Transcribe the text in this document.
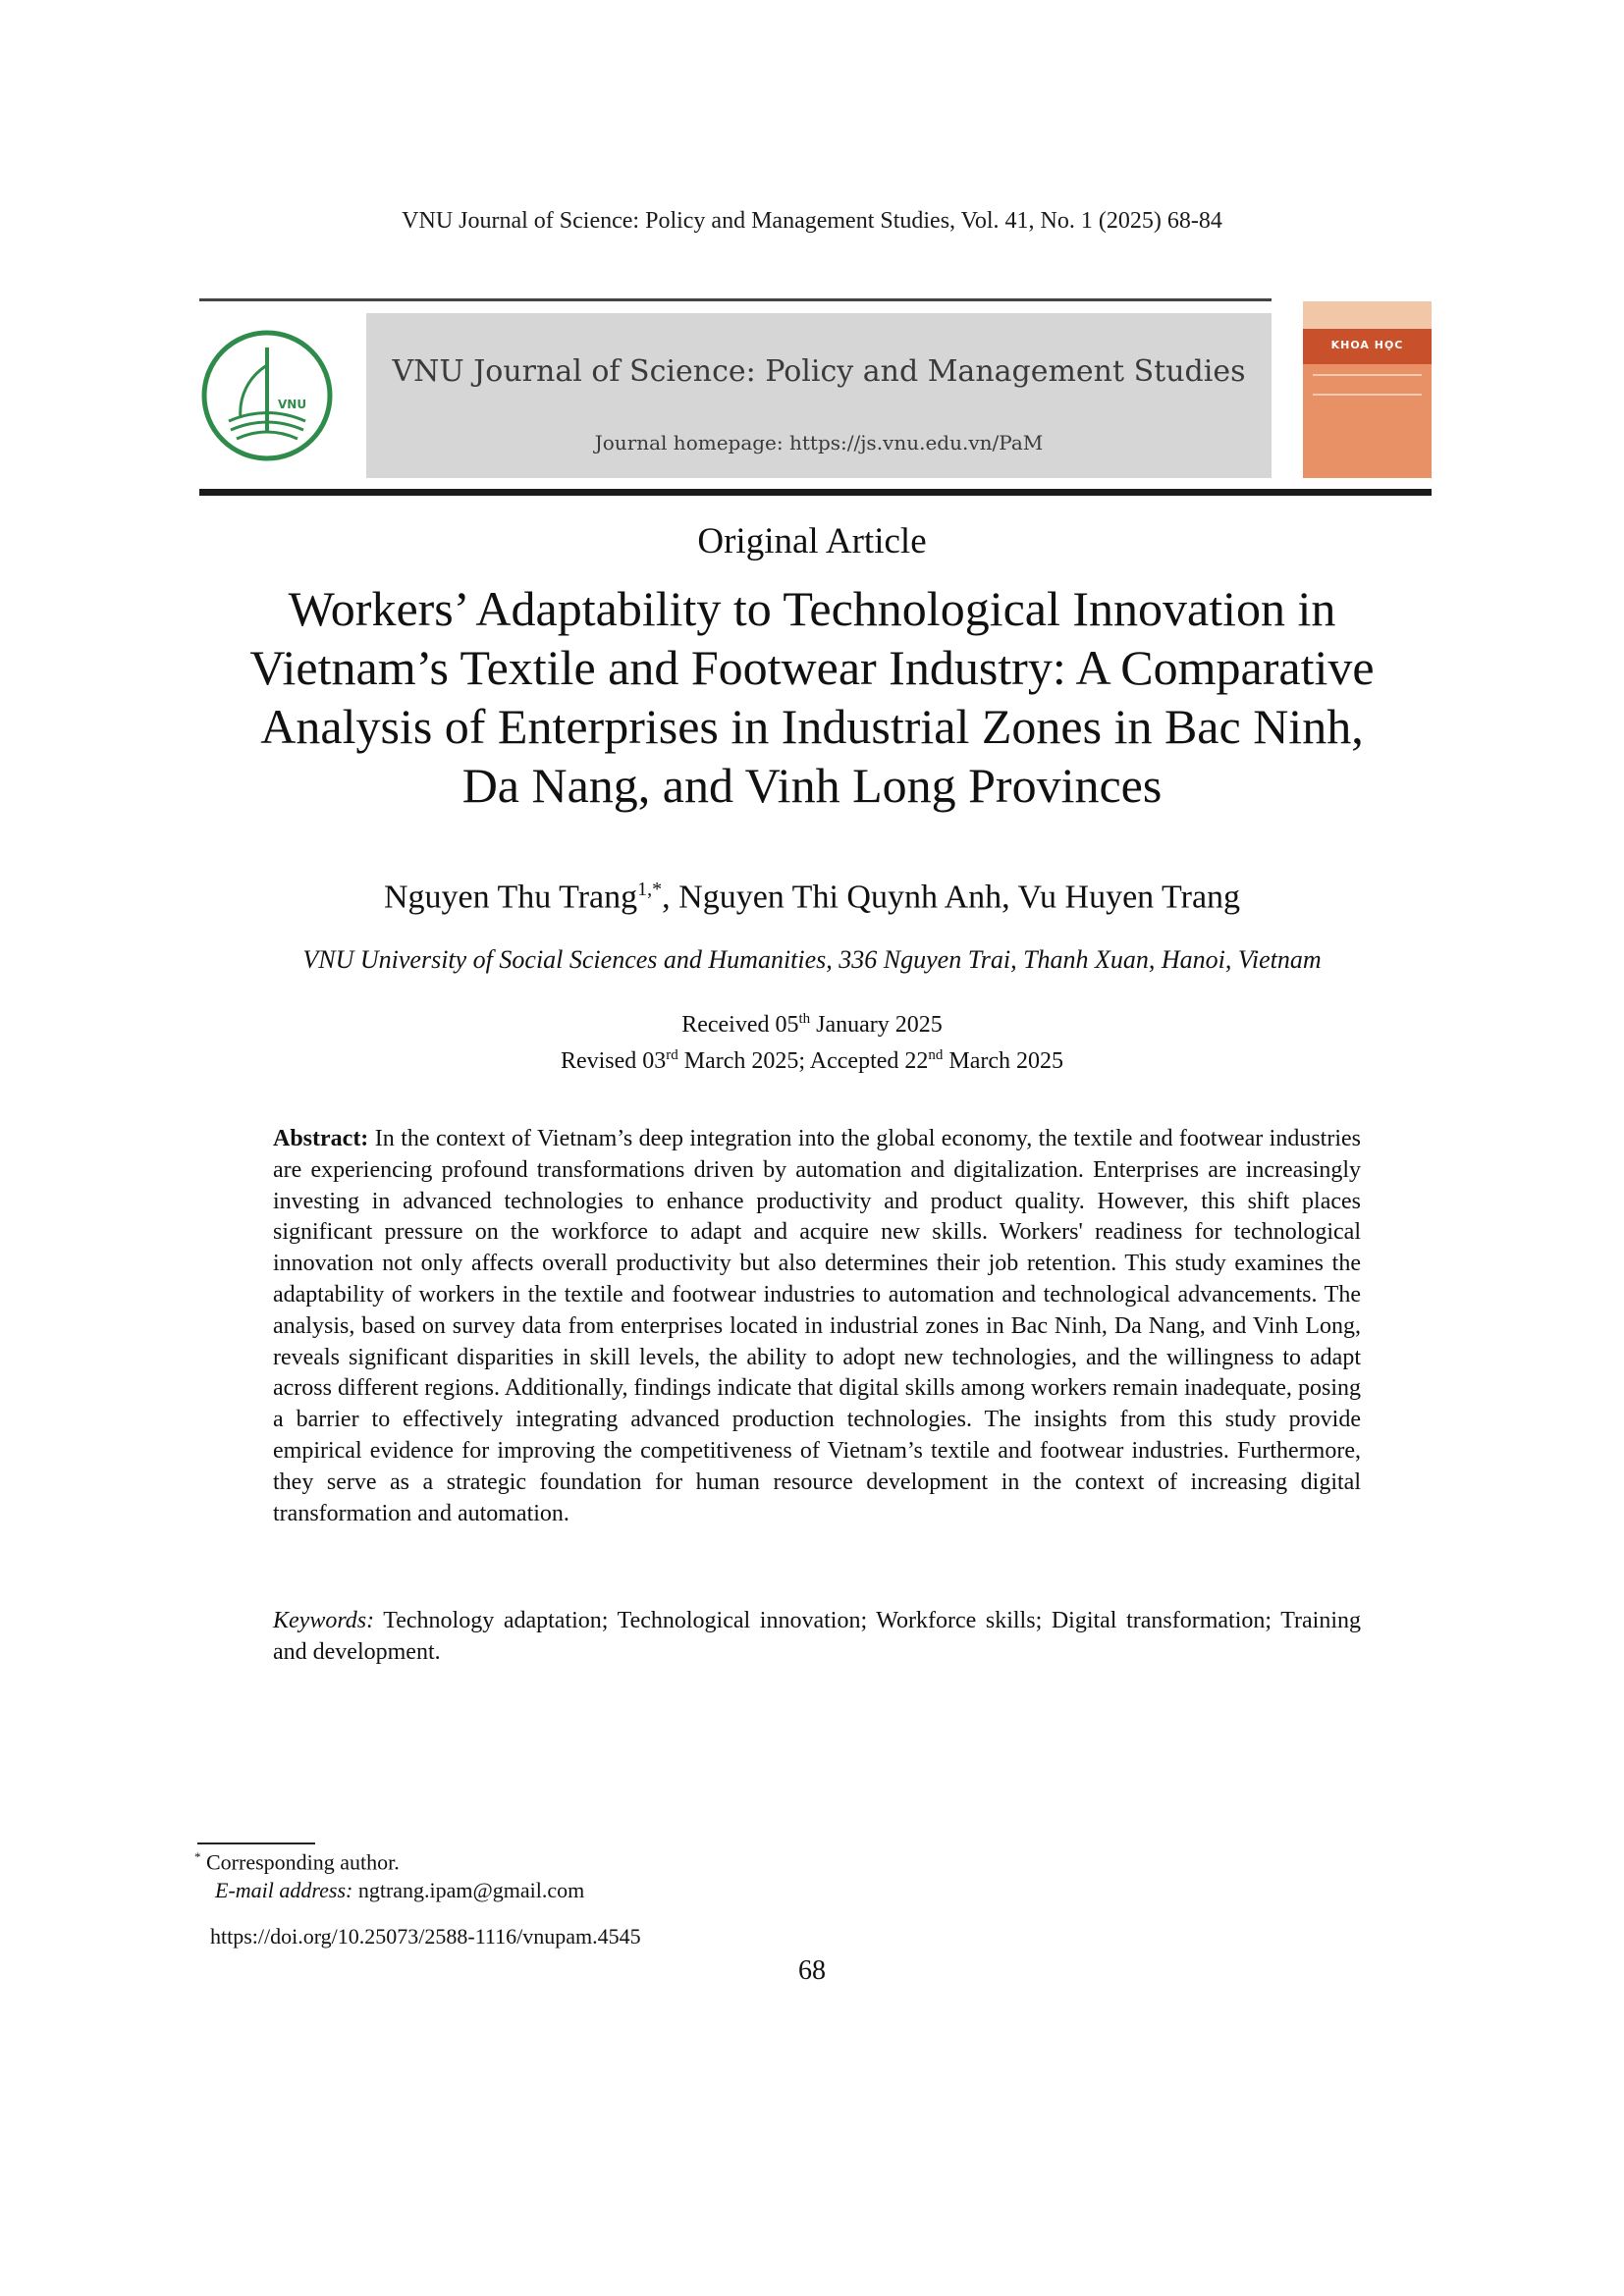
VNU Journal of Science: Policy and Management Studies, Vol. 41, No. 1 (2025) 68-84
VNU
VNU Journal of Science: Policy and Management Studies
Journal homepage: https://js.vnu.edu.vn/PaM
KHOA HỌC
Original Article
Workers’ Adaptability to Technological Innovation in
Vietnam’s Textile and Footwear Industry: A Comparative
Analysis of Enterprises in Industrial Zones in Bac Ninh,
Da Nang, and Vinh Long Provinces
Nguyen Thu Trang$^{1,*}$, Nguyen Thi Quynh Anh, Vu Huyen Trang
VNU University of Social Sciences and Humanities, 336 Nguyen Trai, Thanh Xuan, Hanoi, Vietnam
Received 05th January 2025
Revised 03rd March 2025; Accepted 22nd March 2025
Abstract: In the context of Vietnam’s deep integration into the global economy, the textile and footwear industries are experiencing profound transformations driven by automation and digitalization. Enterprises are increasingly investing in advanced technologies to enhance productivity and product quality. However, this shift places significant pressure on the workforce to adapt and acquire new skills. Workers' readiness for technological innovation not only affects overall productivity but also determines their job retention. This study examines the adaptability of workers in the textile and footwear industries to automation and technological advancements. The analysis, based on survey data from enterprises located in industrial zones in Bac Ninh, Da Nang, and Vinh Long, reveals significant disparities in skill levels, the ability to adopt new technologies, and the willingness to adapt across different regions. Additionally, findings indicate that digital skills among workers remain inadequate, posing a barrier to effectively integrating advanced production technologies. The insights from this study provide empirical evidence for improving the competitiveness of Vietnam’s textile and footwear industries. Furthermore, they serve as a strategic foundation for human resource development in the context of increasing digital transformation and automation.
Keywords: Technology adaptation; Technological innovation; Workforce skills; Digital transformation; Training and development.
* Corresponding author.
E-mail address: ngtrang.ipam@gmail.com
https://doi.org/10.25073/2588-1116/vnupam.4545
68
